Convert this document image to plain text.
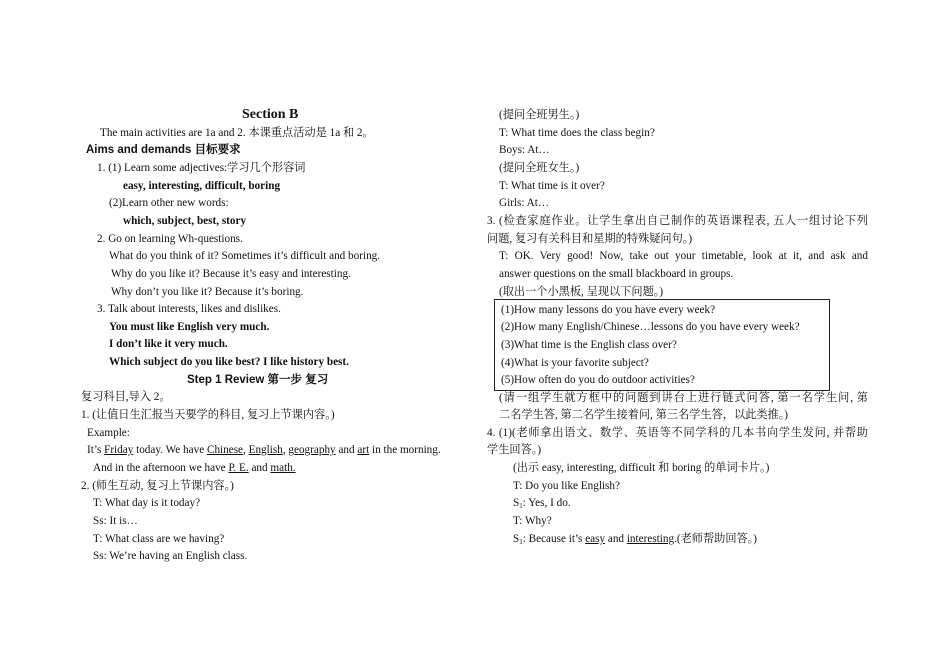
Section B
The main activities are 1a and 2. 本课重点活动是 1a 和 2。
Aims and demands 目标要求
1. (1) Learn some adjectives:学习几个形容词
easy, interesting, difficult, boring
(2)Learn other new words:
which, subject, best, story
2. Go on learning Wh-questions.
What do you think of it? Sometimes it’s difficult and boring.
Why do you like it? Because it’s easy and interesting.
Why don’t you like it? Because it’s boring.
3. Talk about interests, likes and dislikes.
You must like English very much.
I don’t like it very much.
Which subject do you like best? I like history best.
Step 1 Review 第一步 复习
复习科目,导入 2。
1. (让值日生汇报当天要学的科目, 复习上节课内容。)
Example:
It’s Friday today. We have Chinese, English, geography and art in the morning.
And in the afternoon we have P. E. and math.
2. (师生互动, 复习上节课内容。)
T: What day is it today?
Ss: It is…
T: What class are we having?
Ss: We’re having an English class.
(提问全班男生。)
T: What time does the class begin?
Boys: At…
(提问全班女生。)
T: What time is it over?
Girls: At…
3. (检查家庭作业。让学生拿出自己制作的英语课程表, 五人一组讨论下列
问题, 复习有关科目和星期的特殊疑问句。)
T: OK. Very good! Now, take out your timetable, look at it, and ask and
answer questions on the small blackboard in groups.
(取出一个小黑板, 呈现以下问题。)
(1)How many lessons do you have every week?
(2)How many English/Chinese…lessons do you have every week?
(3)What time is the English class over?
(4)What is your favorite subject?
(5)How often do you do outdoor activities?
(请一组学生就方框中的问题到讲台上进行链式问答, 第一名学生问, 第
二名学生答, 第二名学生接着问, 第三名学生答，以此类推。)
4. (1)(老师拿出语文、数学、英语等不同学科的几本书向学生发问, 并帮助
学生回答。)
(出示 easy, interesting, difficult 和 boring 的单词卡片。)
T: Do you like English?
$S_1$: Yes, I do.
T: Why?
$S_1$: Because it’s easy and interesting.(老师帮助回答。)
